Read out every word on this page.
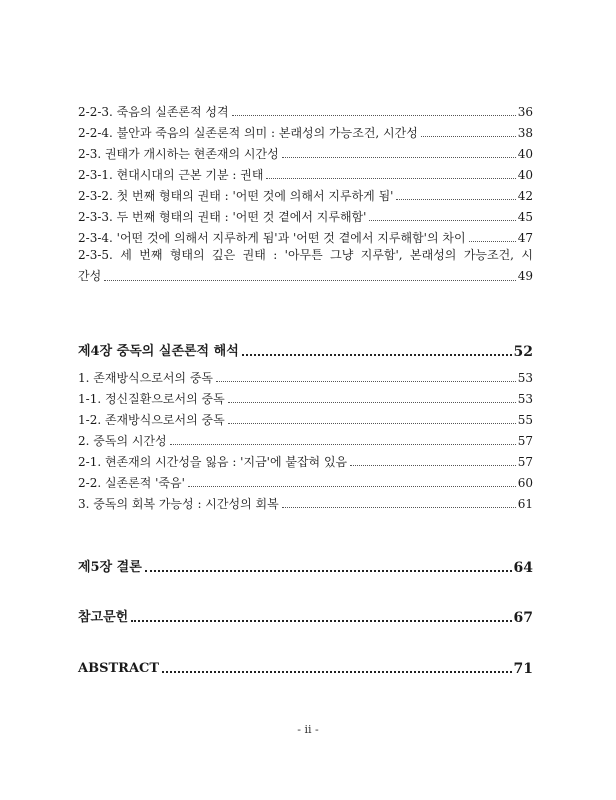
2-2-3. 죽음의 실존론적 성격	36
2-2-4. 불안과 죽음의 실존론적 의미 : 본래성의 가능조건, 시간성	38
2-3. 권태가 개시하는 현존재의 시간성	40
2-3-1. 현대시대의 근본 기분 : 권태	40
2-3-2. 첫 번째 형태의 권태 : '어떤 것에 의해서 지루하게 됨'	42
2-3-3. 두 번째 형태의 권태 : '어떤 것 곁에서 지루해함'	45
2-3-4. '어떤 것에 의해서 지루하게 됨'과 '어떤 것 곁에서 지루해함'의 차이	47
2-3-5. 세 번째 형태의 깊은 권태 : '아무튼 그냥 지루함', 본래성의 가능조건, 시
간성	49
제4장 중독의 실존론적 해석	52
1. 존재방식으로서의 중독	53
1-1. 정신질환으로서의 중독	53
1-2. 존재방식으로서의 중독	55
2. 중독의 시간성	57
2-1. 현존재의 시간성을 잃음 : '지금'에 붙잡혀 있음	57
2-2. 실존론적 '죽음'	60
3. 중독의 회복 가능성 : 시간성의 회복	61
제5장 결론	64
참고문헌	67
ABSTRACT	71
- ii -
